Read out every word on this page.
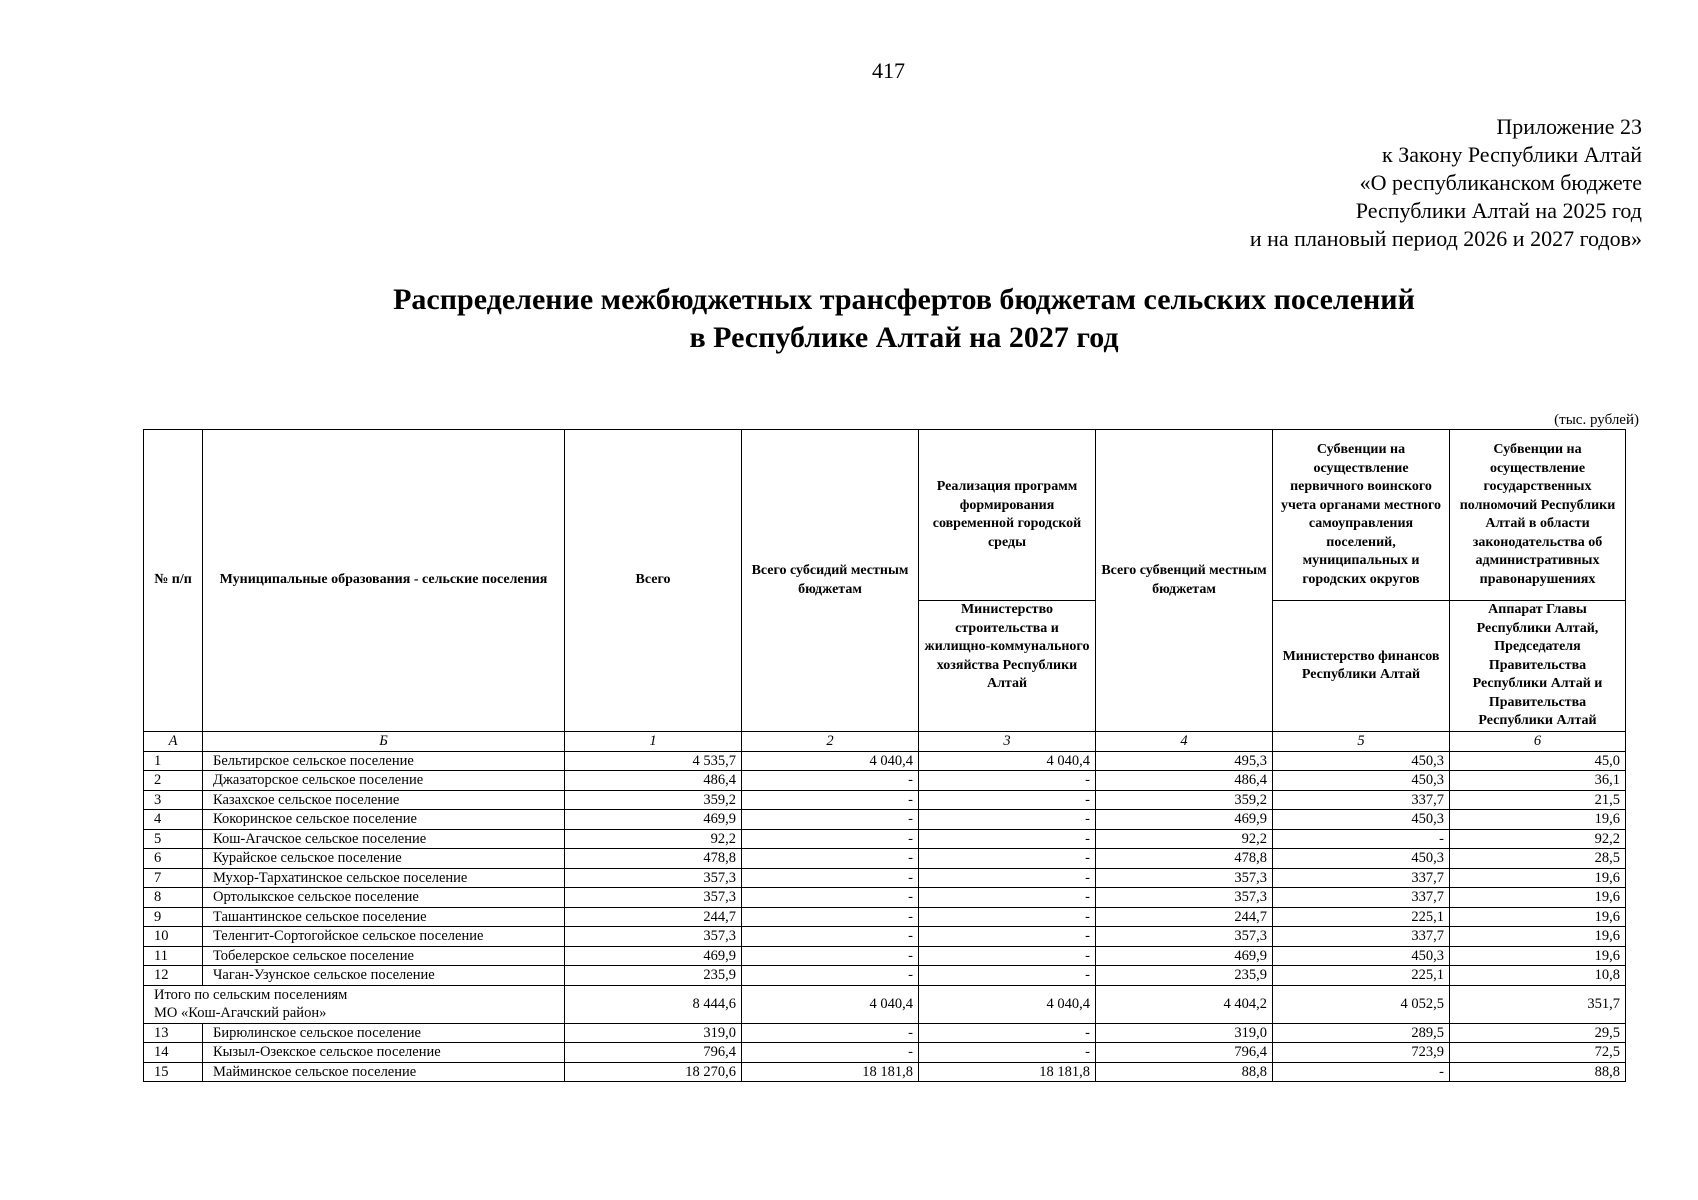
417
Приложение 23
к Закону Республики Алтай
«О республиканском бюджете
Республики Алтай на 2025 год
и на плановый период 2026 и 2027 годов»
Распределение межбюджетных трансфертов бюджетам сельских поселений
в Республике Алтай на 2027 год
(тыс. рублей)
№ п/п	Муниципальные образования - сельские поселения	Всего	Всего субсидий местным бюджетам	Реализация программ формирования современной городской среды	Всего субвенций местным бюджетам	Субвенции на осуществление первичного воинского учета органами местного самоуправления поселений, муниципальных и городских округов	Субвенции на осуществление государственных полномочий Республики Алтай в области законодательства об административных правонарушениях
				Министерство строительства и жилищно-коммунального хозяйства Республики Алтай		Министерство финансов Республики Алтай	Аппарат Главы Республики Алтай, Председателя Правительства Республики Алтай и Правительства Республики Алтай
А	Б	1	2	3	4	5	6
1	Бельтирское сельское поселение	4 535,7	4 040,4	4 040,4	495,3	450,3	45,0
2	Джазаторское сельское поселение	486,4	-	-	486,4	450,3	36,1
3	Казахское сельское поселение	359,2	-	-	359,2	337,7	21,5
4	Кокоринское сельское поселение	469,9	-	-	469,9	450,3	19,6
5	Кош-Агачское сельское поселение	92,2	-	-	92,2	-	92,2
6	Курайское сельское поселение	478,8	-	-	478,8	450,3	28,5
7	Мухор-Тархатинское сельское поселение	357,3	-	-	357,3	337,7	19,6
8	Ортолыкское сельское поселение	357,3	-	-	357,3	337,7	19,6
9	Ташантинское сельское поселение	244,7	-	-	244,7	225,1	19,6
10	Теленгит-Сортогойское сельское поселение	357,3	-	-	357,3	337,7	19,6
11	Тобелерское сельское поселение	469,9	-	-	469,9	450,3	19,6
12	Чаган-Узунское сельское поселение	235,9	-	-	235,9	225,1	10,8

Итого по сельским поселениям
МО «Кош-Агачский район»		8 444,6	4 040,4	4 040,4	4 404,2	4 052,5	351,7
13	Бирюлинское сельское поселение	319,0	-	-	319,0	289,5	29,5
14	Кызыл-Озекское сельское поселение	796,4	-	-	796,4	723,9	72,5
15	Майминское сельское поселение	18 270,6	18 181,8	18 181,8	88,8	-	88,8
